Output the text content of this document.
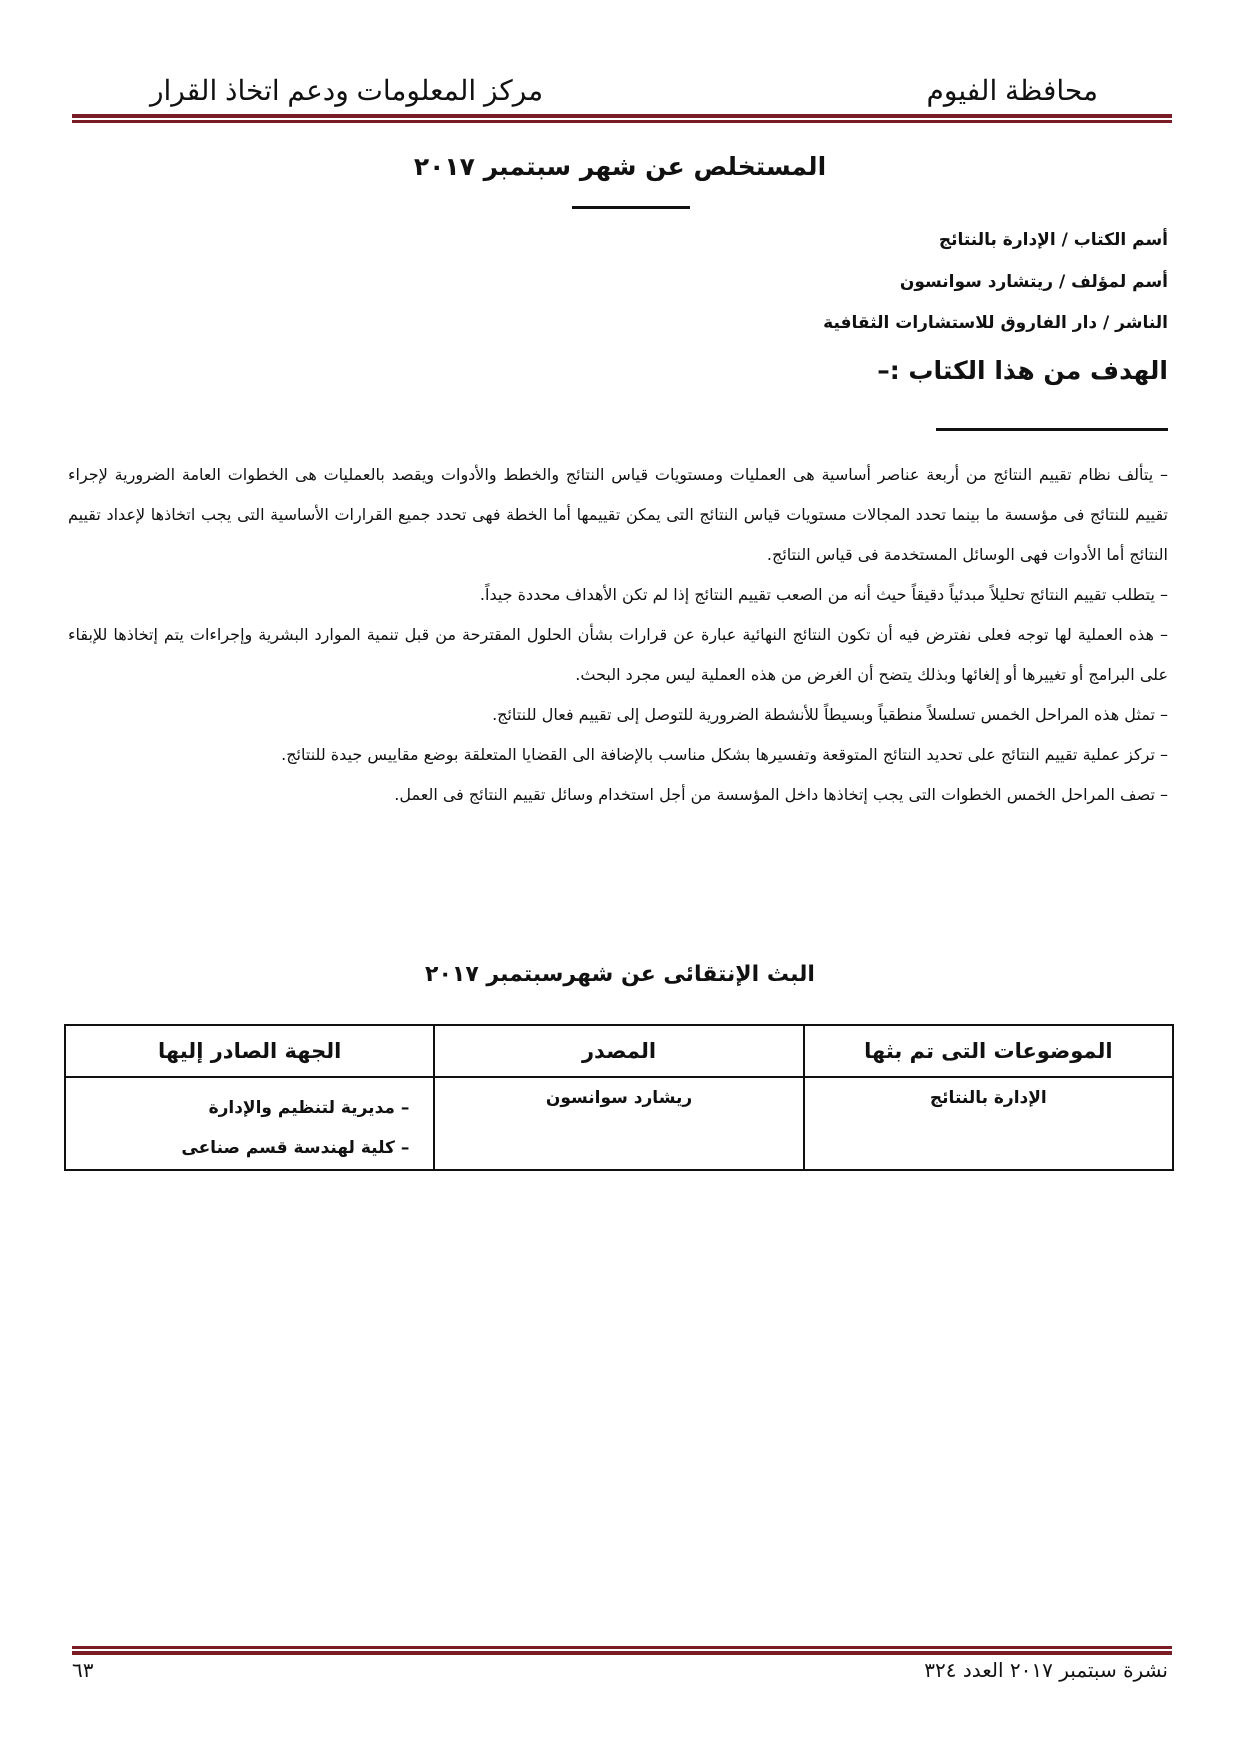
محافظة الفيوم
مركز المعلومات ودعم اتخاذ القرار
المستخلص عن شهر سبتمبر ٢٠١٧
أسم الكتاب / الإدارة بالنتائج
أسم لمؤلف / ريتشارد سوانسون
الناشر / دار الفاروق للاستشارات الثقافية
الهدف من هذا الكتاب :–

– يتألف نظام تقييم النتائج من أربعة عناصر أساسية هى العمليات ومستويات قياس النتائج والخطط والأدوات ويقصد بالعمليات هى الخطوات العامة الضرورية لإجراء تقييم للنتائج فى مؤسسة ما بينما تحدد المجالات مستويات قياس النتائج التى يمكن تقييمها أما الخطة فهى تحدد جميع القرارات الأساسية التى يجب اتخاذها لإعداد تقييم النتائج أما الأدوات فهى الوسائل المستخدمة فى قياس النتائج.

– يتطلب تقييم النتائج تحليلاً مبدئياً دقيقاً حيث أنه من الصعب تقييم النتائج إذا لم تكن الأهداف محددة جيداً.

– هذه العملية لها توجه فعلى نفترض فيه أن تكون النتائج النهائية عبارة عن قرارات بشأن الحلول المقترحة من قبل تنمية الموارد البشرية وإجراءات يتم إتخاذها للإبقاء على البرامج أو تغييرها أو إلغائها وبذلك يتضح أن الغرض من هذه العملية ليس مجرد البحث.

– تمثل هذه المراحل الخمس تسلسلاً منطقياً وبسيطاً للأنشطة الضرورية للتوصل إلى تقييم فعال للنتائج.

– تركز عملية تقييم النتائج على تحديد النتائج المتوقعة وتفسيرها بشكل مناسب بالإضافة الى القضايا المتعلقة بوضع مقاييس جيدة للنتائج.

– تصف المراحل الخمس الخطوات التى يجب إتخاذها داخل المؤسسة من أجل استخدام وسائل تقييم النتائج فى العمل.

البث الإنتقائى عن شهرسبتمبر ٢٠١٧
الموضوعات التى تم بثها	المصدر	الجهة الصادر إليها
الإدارة بالنتائج	ريشارد سوانسون	– مديرية لتنظيم والإدارة
– كلية لهندسة قسم صناعى
نشرة سبتمبر ٢٠١٧ العدد ٣٢٤
٦٣
